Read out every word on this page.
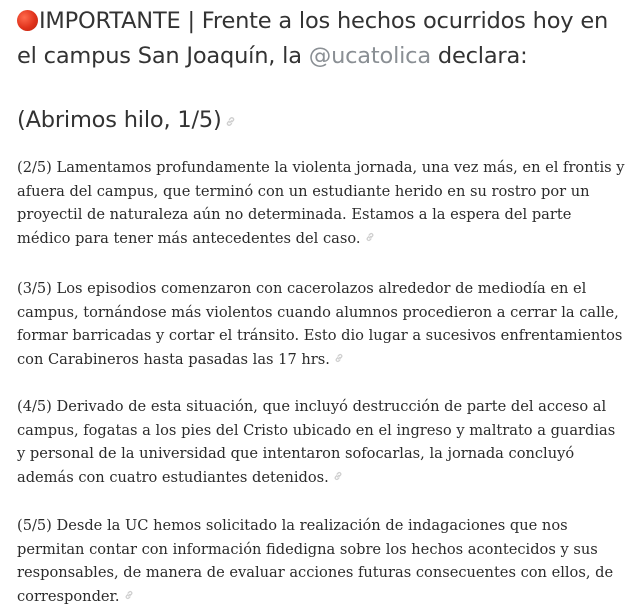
IMPORTANTE | Frente a los hechos ocurridos hoy en el campus San Joaquín, la @ucatolica declara:

(Abrimos hilo, 1/5)

(2/5) Lamentamos profundamente la violenta jornada, una vez más, en el frontis y afuera del campus, que terminó con un estudiante herido en su rostro por un proyectil de naturaleza aún no determinada. Estamos a la espera del parte médico para tener más antecedentes del caso.

(3/5) Los episodios comenzaron con cacerolazos alrededor de mediodía en el campus, tornándose más violentos cuando alumnos procedieron a cerrar la calle, formar barricadas y cortar el tránsito. Esto dio lugar a sucesivos enfrentamientos con Carabineros hasta pasadas las 17 hrs.

(4/5) Derivado de esta situación, que incluyó destrucción de parte del acceso al campus, fogatas a los pies del Cristo ubicado en el ingreso y maltrato a guardias y personal de la universidad que intentaron sofocarlas, la jornada concluyó además con cuatro estudiantes detenidos.

(5/5) Desde la UC hemos solicitado la realización de indagaciones que nos permitan contar con información fidedigna sobre los hechos acontecidos y sus responsables, de manera de evaluar acciones futuras consecuentes con ellos, de corresponder.
